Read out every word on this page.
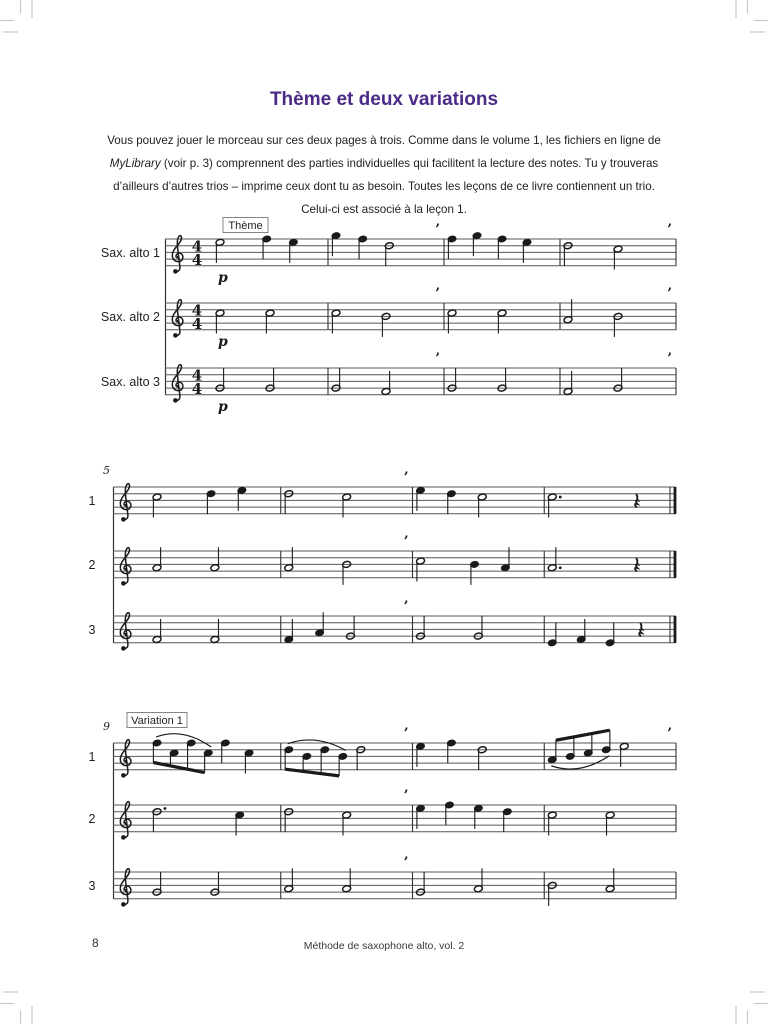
Thème et deux variations
Vous pouvez jouer le morceau sur ces deux pages à trois. Comme dans le volume 1, les fichiers en ligne de
MyLibrary (voir p. 3) comprennent des parties individuelles qui facilitent la lecture des notes. Tu y trouveras
d’ailleurs d’autres trios – imprime ceux dont tu as besoin. Toutes les leçons de ce livre contiennent un trio.
Celui-ci est associé à la leçon 1.
Thème
4
4
Sax. alto 1
p
’	’
4
4
Sax. alto 2
p
’	’
4
4
Sax. alto 3
p
’	’
5
1
’
2
’
3
’
Variation 1
9
1
’	’
2
’
3
’
8	Méthode de saxophone alto, vol. 2
